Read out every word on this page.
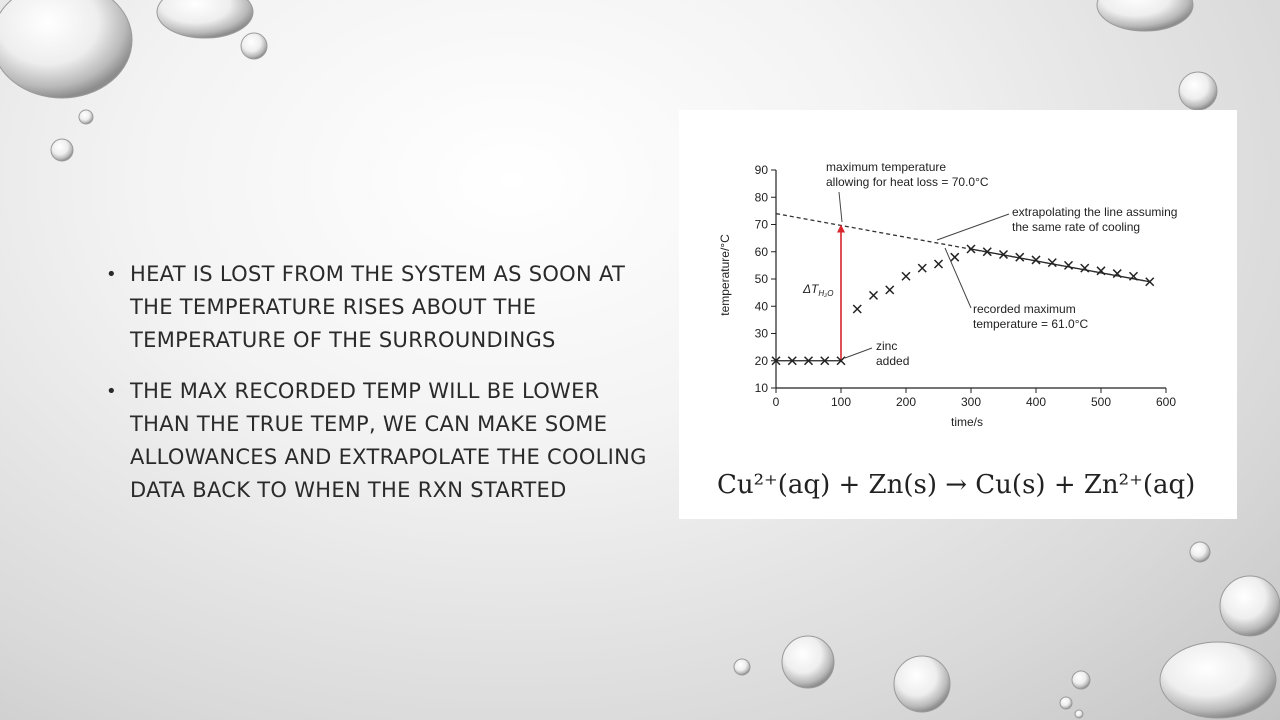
• HEAT IS LOST FROM THE SYSTEM AS SOON AT THE TEMPERATURE RISES ABOUT THE TEMPERATURE OF THE SURROUNDINGS
• THE MAX RECORDED TEMP WILL BE LOWER THAN THE TRUE TEMP, WE CAN MAKE SOME ALLOWANCES AND EXTRAPOLATE THE COOLING DATA BACK TO WHEN THE RXN STARTED
0	100	200	300	400	500	600
10
20
30
40
50
60
70
80
90
temperature/°C
time/s
maximum temperature
allowing for heat loss = 70.0°C
extrapolating the line assuming
the same rate of cooling
recorded maximum
temperature = 61.0°C
zinc
added
$\Delta T_{H_2O}$
Cu²⁺(aq) + Zn(s) → Cu(s) + Zn²⁺(aq)
